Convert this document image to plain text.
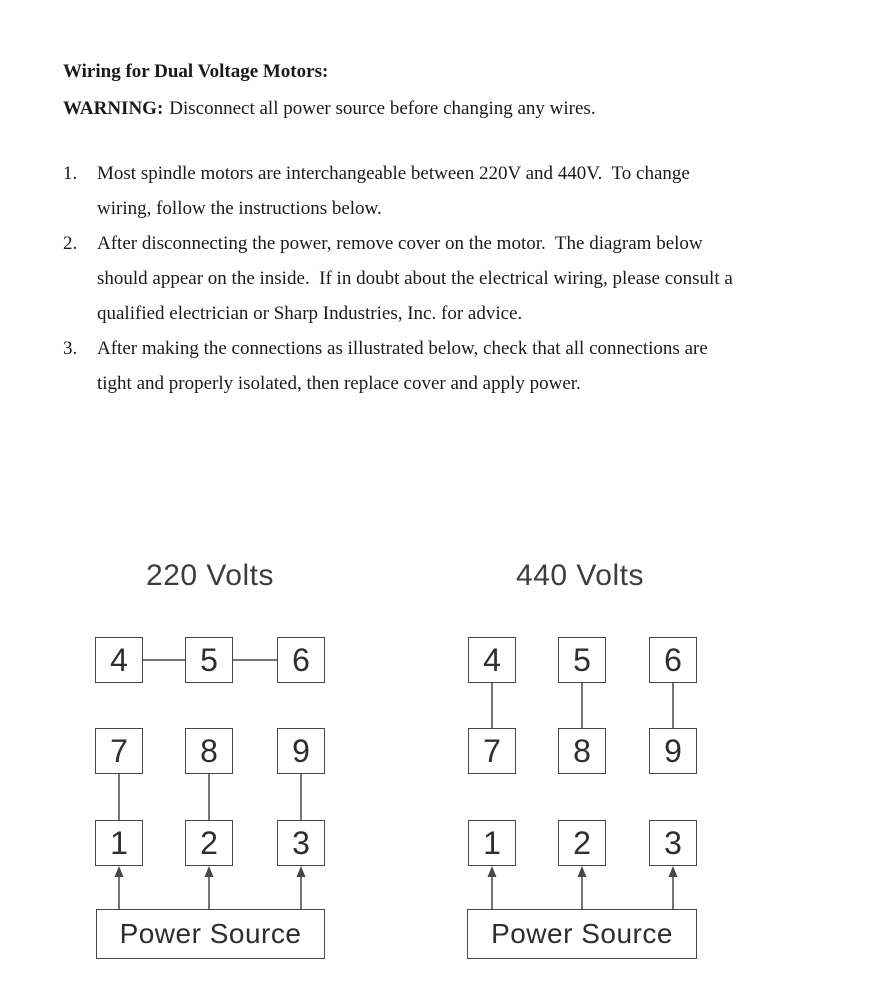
Wiring for Dual Voltage Motors:

WARNING: Disconnect all power source before changing any wires.

1.	Most spindle motors are interchangeable between 220V and 440V.  To change
wiring, follow the instructions below.
2.	After disconnecting the power, remove cover on the motor.  The diagram below
should appear on the inside.  If in doubt about the electrical wiring, please consult a
qualified electrician or Sharp Industries, Inc. for advice.
3.	After making the connections as illustrated below, check that all connections are
tight and properly isolated, then replace cover and apply power.
220 Volts
4	5	6
7	8	9
1	2	3
Power Source
440 Volts
4	5	6
7	8	9
1	2	3
Power Source
